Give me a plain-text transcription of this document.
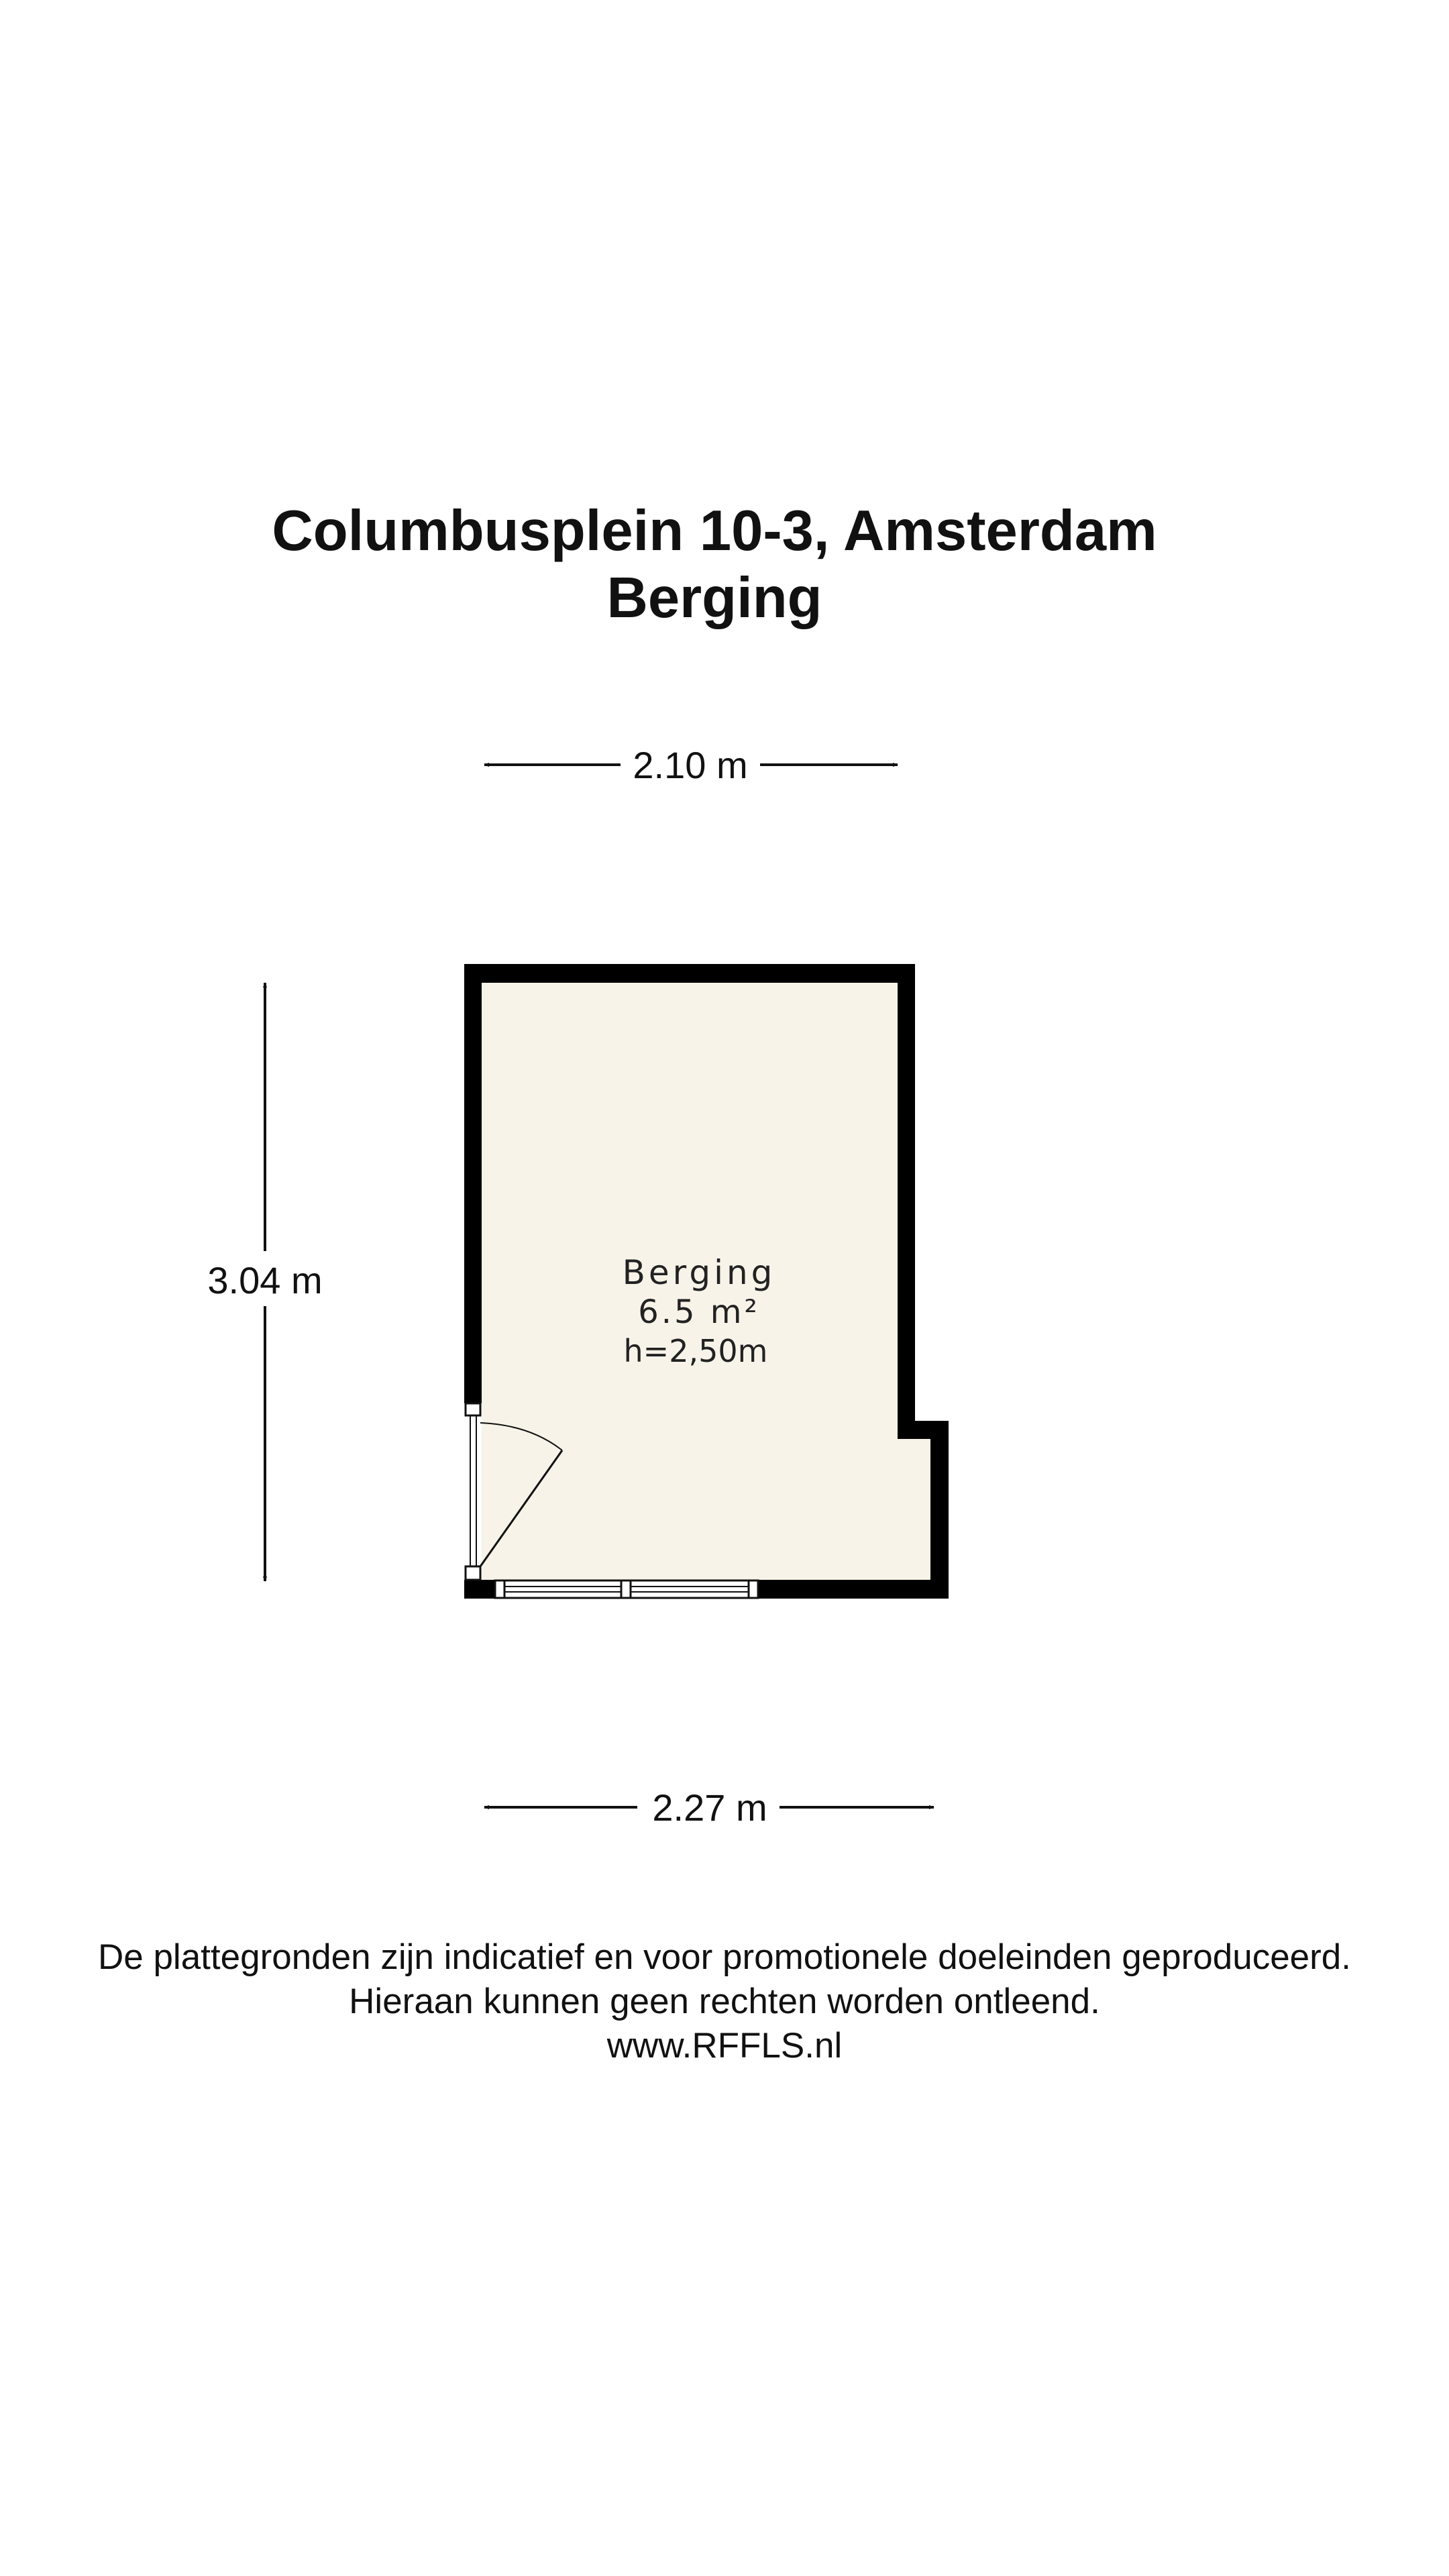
Columbusplein 10-3, Amsterdam
Berging
2.10 m
3.04 m	Berging
6.5 m²
h=2,50m
2.27 m
De plattegronden zijn indicatief en voor promotionele doeleinden geproduceerd.
Hieraan kunnen geen rechten worden ontleend.
www.RFFLS.nl
